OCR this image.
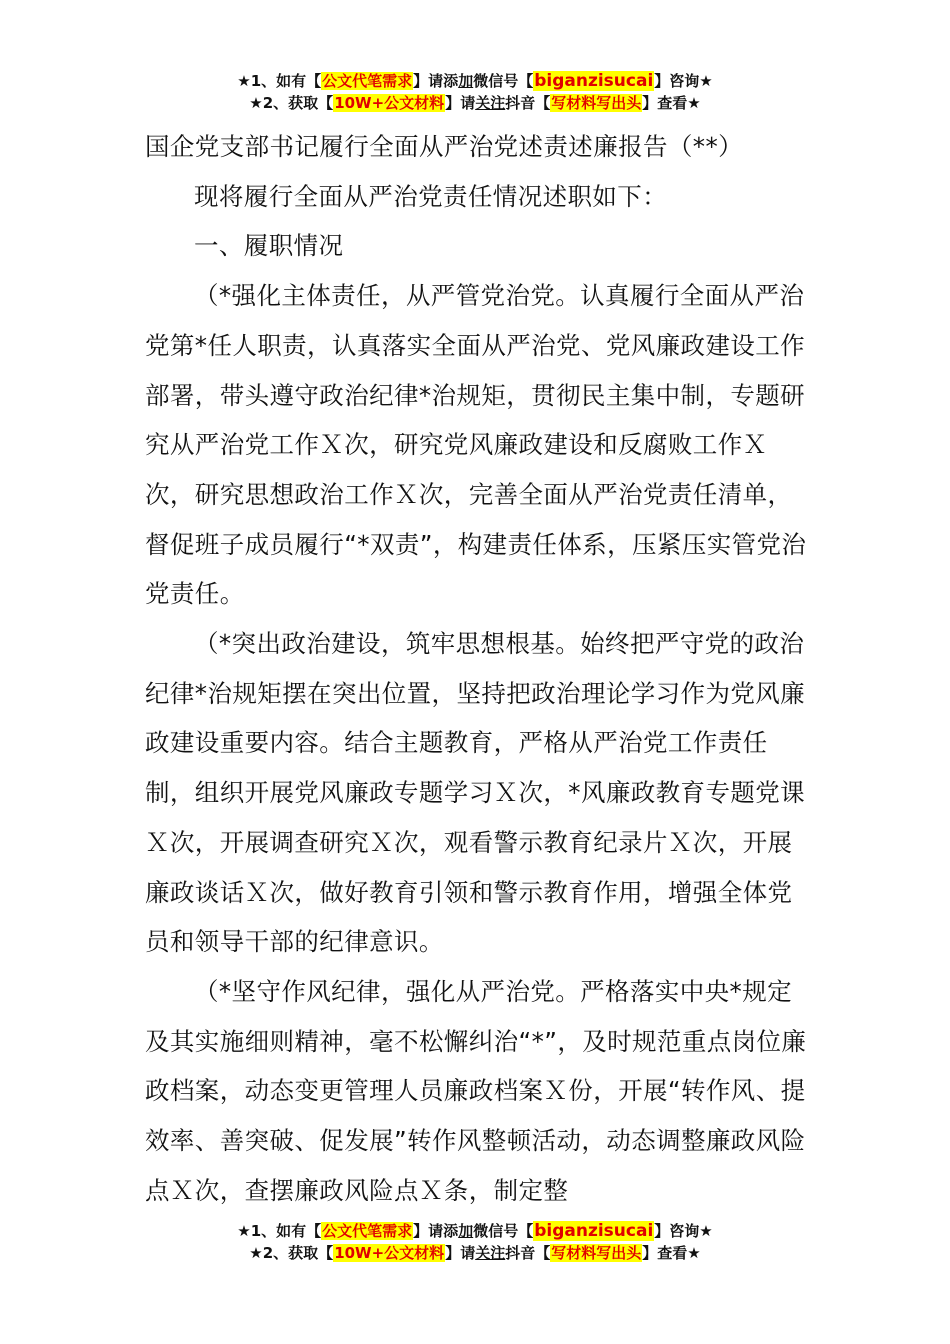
★1、如有【公文代笔需求】请添加微信号【biganzisucai】咨询★
★2、获取【10W+公文材料】请关注抖音【写材料写出头】查看★

国企党支部书记履行全面从严治党述责述廉报告（**）

现将履行全面从严治党责任情况述职如下：

一、履职情况

（*强化主体责任，从严管党治党。认真履行全面从严治党第*任人职责，认真落实全面从严治党、党风廉政建设工作部署，带头遵守政治纪律*治规矩，贯彻民主集中制，专题研究从严治党工作Ｘ次，研究党风廉政建设和反腐败工作Ｘ次，研究思想政治工作Ｘ次，完善全面从严治党责任清单，督促班子成员履行“*双责”，构建责任体系，压紧压实管党治党责任。

（*突出政治建设，筑牢思想根基。始终把严守党的政治纪律*治规矩摆在突出位置，坚持把政治理论学习作为党风廉政建设重要内容。结合主题教育，严格从严治党工作责任制，组织开展党风廉政专题学习Ｘ次，*风廉政教育专题党课Ｘ次，开展调查研究Ｘ次，观看警示教育纪录片Ｘ次，开展廉政谈话Ｘ次，做好教育引领和警示教育作用，增强全体党员和领导干部的纪律意识。

（*坚守作风纪律，强化从严治党。严格落实中央*规定及其实施细则精神，毫不松懈纠治“*”，及时规范重点岗位廉政档案，动态变更管理人员廉政档案Ｘ份，开展“转作风、提效率、善突破、促发展”转作风整顿活动，动态调整廉政风险点Ｘ次，查摆廉政风险点Ｘ条，制定整

★1、如有【公文代笔需求】请添加微信号【biganzisucai】咨询★
★2、获取【10W+公文材料】请关注抖音【写材料写出头】查看★
